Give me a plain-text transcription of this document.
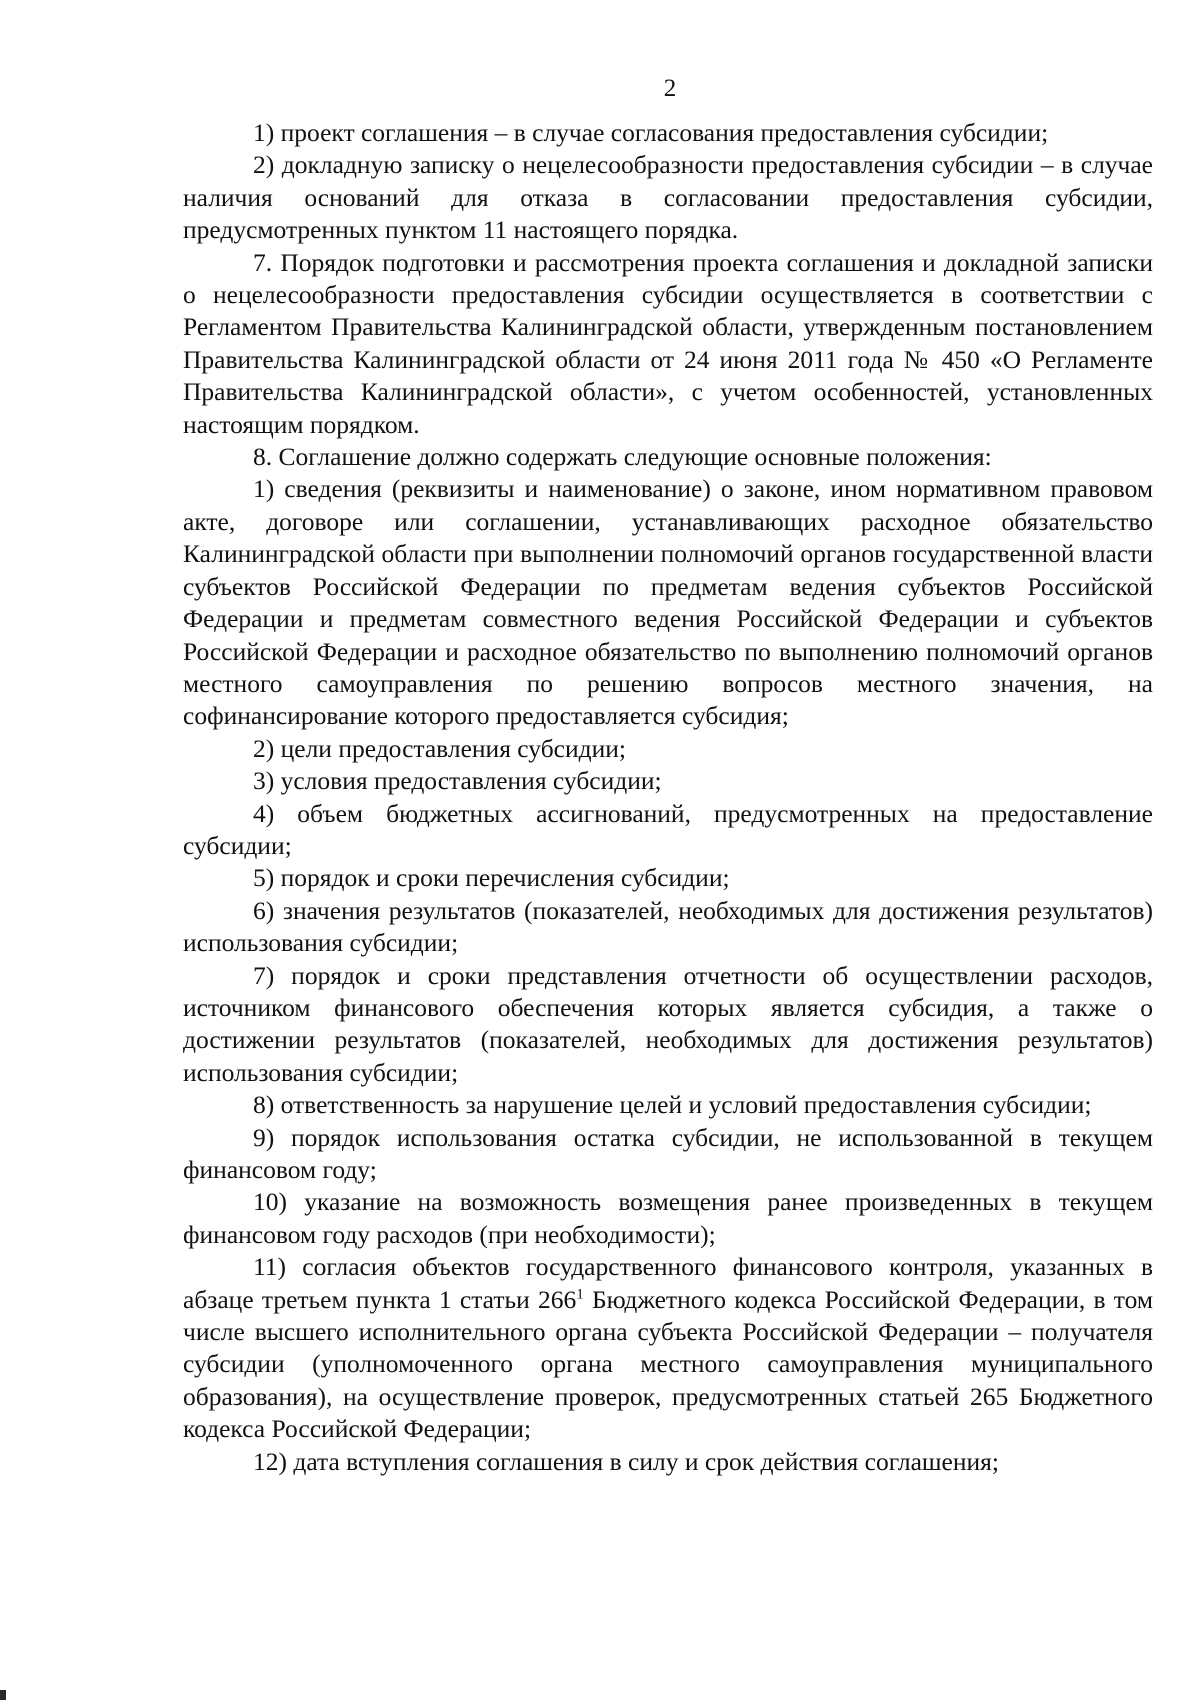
2

1) проект соглашения – в случае согласования предоставления субсидии;

2) докладную записку о нецелесообразности предоставления субсидии – в случае наличия оснований для отказа в согласовании предоставления субсидии, предусмотренных пунктом 11 настоящего порядка.

7. Порядок подготовки и рассмотрения проекта соглашения и докладной записки о нецелесообразности предоставления субсидии осуществляется в соответствии с Регламентом Правительства Калининградской области, утвержденным постановлением Правительства Калининградской области от 24 июня 2011 года № 450 «О Регламенте Правительства Калининградской области», с учетом особенностей, установленных настоящим порядком.

8. Соглашение должно содержать следующие основные положения:

1) сведения (реквизиты и наименование) о законе, ином нормативном правовом акте, договоре или соглашении, устанавливающих расходное обязательство Калининградской области при выполнении полномочий органов государственной власти субъектов Российской Федерации по предметам ведения субъектов Российской Федерации и предметам совместного ведения Российской Федерации и субъектов Российской Федерации и расходное обязательство по выполнению полномочий органов местного самоуправления по решению вопросов местного значения, на софинансирование которого предоставляется субсидия;

2) цели предоставления субсидии;

3) условия предоставления субсидии;

4) объем бюджетных ассигнований, предусмотренных на предоставление субсидии;

5) порядок и сроки перечисления субсидии;

6) значения результатов (показателей, необходимых для достижения результатов) использования субсидии;

7) порядок и сроки представления отчетности об осуществлении расходов, источником финансового обеспечения которых является субсидия, а также о достижении результатов (показателей, необходимых для достижения результатов) использования субсидии;

8) ответственность за нарушение целей и условий предоставления субсидии;

9) порядок использования остатка субсидии, не использованной в текущем финансовом году;

10) указание на возможность возмещения ранее произведенных в текущем финансовом году расходов (при необходимости);

11) согласия объектов государственного финансового контроля, указанных в абзаце третьем пункта 1 статьи $266^1$ Бюджетного кодекса Российской Федерации, в том числе высшего исполнительного органа субъекта Российской Федерации – получателя субсидии (уполномоченного органа местного самоуправления муниципального образования), на осуществление проверок, предусмотренных статьей 265 Бюджетного кодекса Российской Федерации;

12) дата вступления соглашения в силу и срок действия соглашения;
